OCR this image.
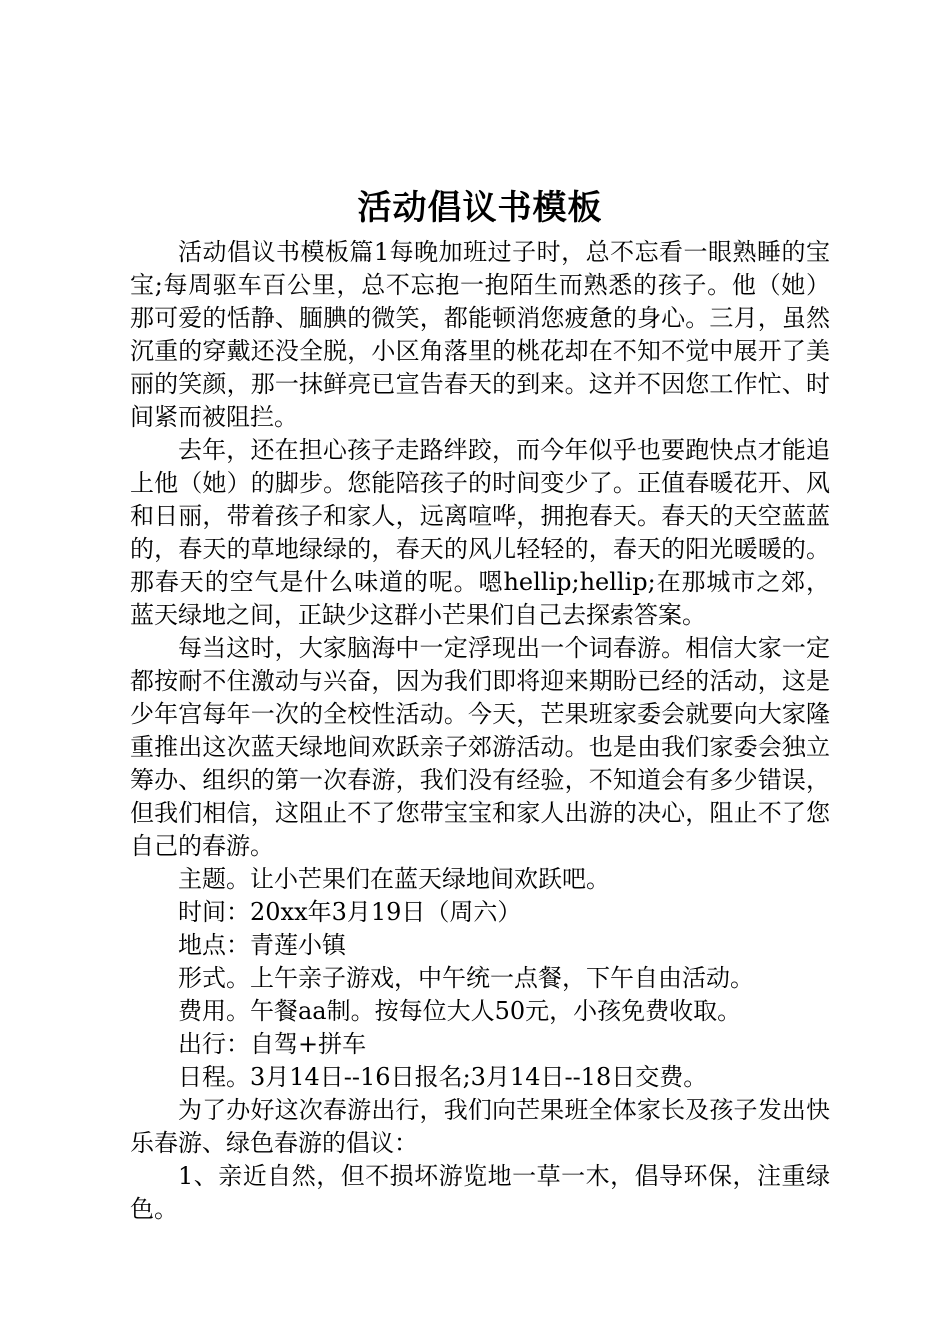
活动倡议书模板

活动倡议书模板篇1每晚加班过子时，总不忘看一眼熟睡的宝宝;每周驱车百公里，总不忘抱一抱陌生而熟悉的孩子。他（她）那可爱的恬静、腼腆的微笑，都能顿消您疲惫的身心。三月，虽然沉重的穿戴还没全脱，小区角落里的桃花却在不知不觉中展开了美丽的笑颜，那一抹鲜亮已宣告春天的到来。这并不因您工作忙、时间紧而被阻拦。

去年，还在担心孩子走路绊跤，而今年似乎也要跑快点才能追上他（她）的脚步。您能陪孩子的时间变少了。正值春暖花开、风和日丽，带着孩子和家人，远离喧哗，拥抱春天。春天的天空蓝蓝的，春天的草地绿绿的，春天的风儿轻轻的，春天的阳光暖暖的。那春天的空气是什么味道的呢。嗯hellip;hellip;在那城市之郊，蓝天绿地之间，正缺少这群小芒果们自己去探索答案。

每当这时，大家脑海中一定浮现出一个词春游。相信大家一定都按耐不住激动与兴奋，因为我们即将迎来期盼已经的活动，这是少年宫每年一次的全校性活动。今天，芒果班家委会就要向大家隆重推出这次蓝天绿地间欢跃亲子郊游活动。也是由我们家委会独立筹办、组织的第一次春游，我们没有经验，不知道会有多少错误，但我们相信，这阻止不了您带宝宝和家人出游的决心，阻止不了您自己的春游。

主题。让小芒果们在蓝天绿地间欢跃吧。

时间：20xx年3月19日（周六）

地点：青莲小镇

形式。上午亲子游戏，中午统一点餐，下午自由活动。

费用。午餐aa制。按每位大人50元，小孩免费收取。

出行：自驾+拼车

日程。3月14日--16日报名;3月14日--18日交费。

为了办好这次春游出行，我们向芒果班全体家长及孩子发出快乐春游、绿色春游的倡议：

1、亲近自然，但不损坏游览地一草一木，倡导环保，注重绿色。
